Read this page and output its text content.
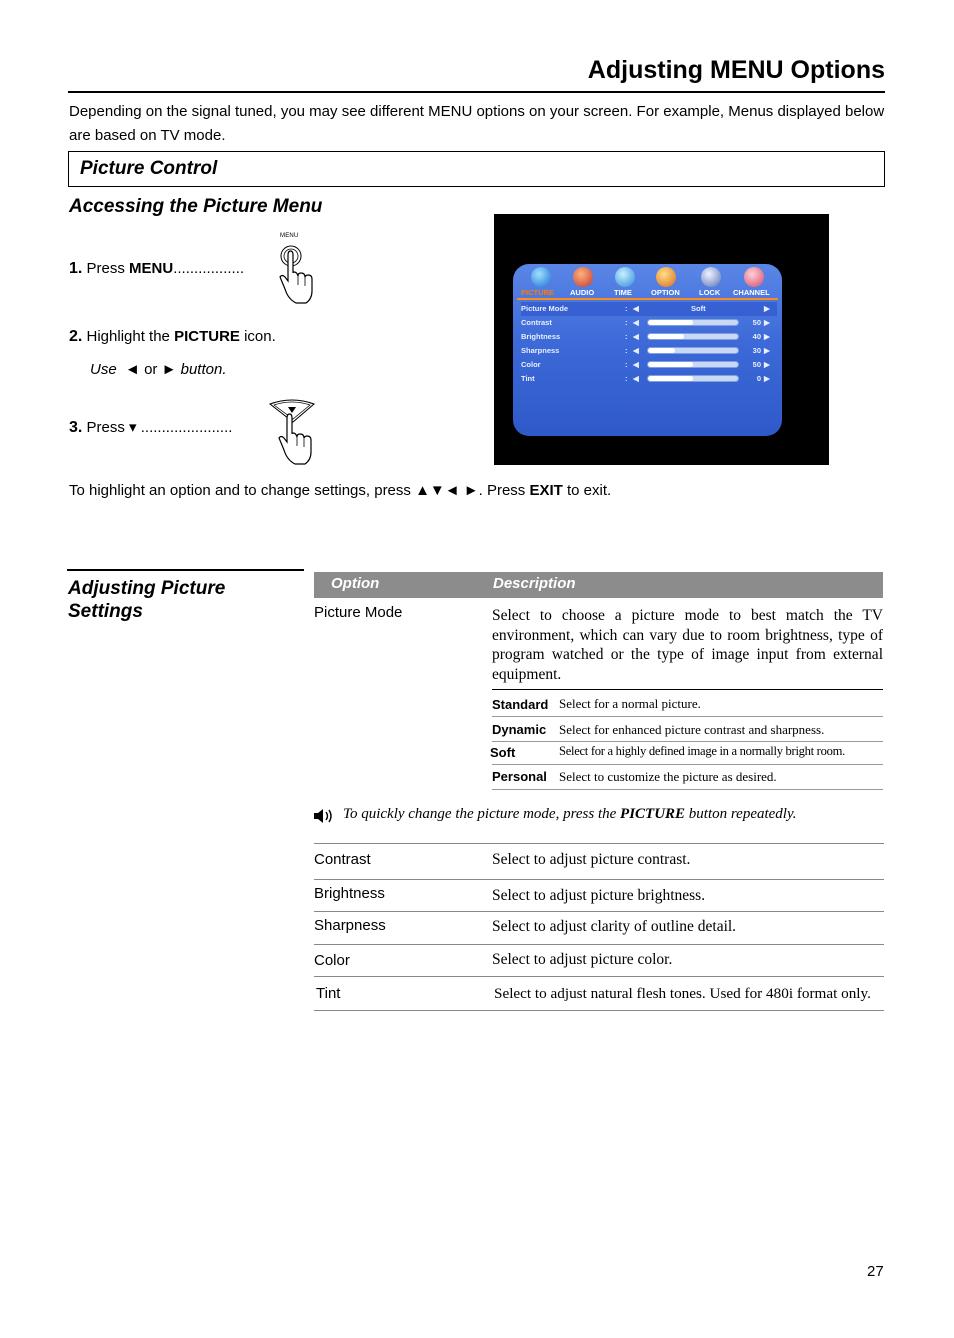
Adjusting MENU Options
Depending on the signal tuned, you may see different MENU options on your screen. For example, Menus displayed below are based on TV mode.
Picture Control
Accessing the Picture Menu
1. Press MENU.................
MENU
2. Highlight the PICTURE icon.
Use ◄ or ► button.
3. Press ▾ ......................
PICTURE AUDIO	TIME	OPTION	LOCK CHANNEL
Picture Mode	: ◀	Soft	▶
Contrast	: ◀	50 ▶
Brightness	: ◀	40 ▶
Sharpness	: ◀	30 ▶
Color	: ◀	50 ▶
Tint	: ◀	0 ▶
To highlight an option and to change settings, press ▲▼◄ ►. Press EXIT to exit.
Adjusting Picture
Settings
Option	Description
Picture Mode	Select to choose a picture mode to best match the TV environment, which can vary due to room brightness, type of program watched or the type of image input from external equipment.
Standard Select for a normal picture.
Dynamic Select for enhanced picture contrast and sharpness.
Soft	Select for a highly defined image in a normally bright room.
Personal Select to customize the picture as desired.
To quickly change the picture mode, press the PICTURE button repeatedly.
Contrast	Select to adjust picture contrast.
Brightness	Select to adjust picture brightness.
Sharpness	Select to adjust clarity of outline detail.
Color	Select to adjust picture color.
Tint	Select to adjust natural flesh tones. Used for 480i format only.
27
